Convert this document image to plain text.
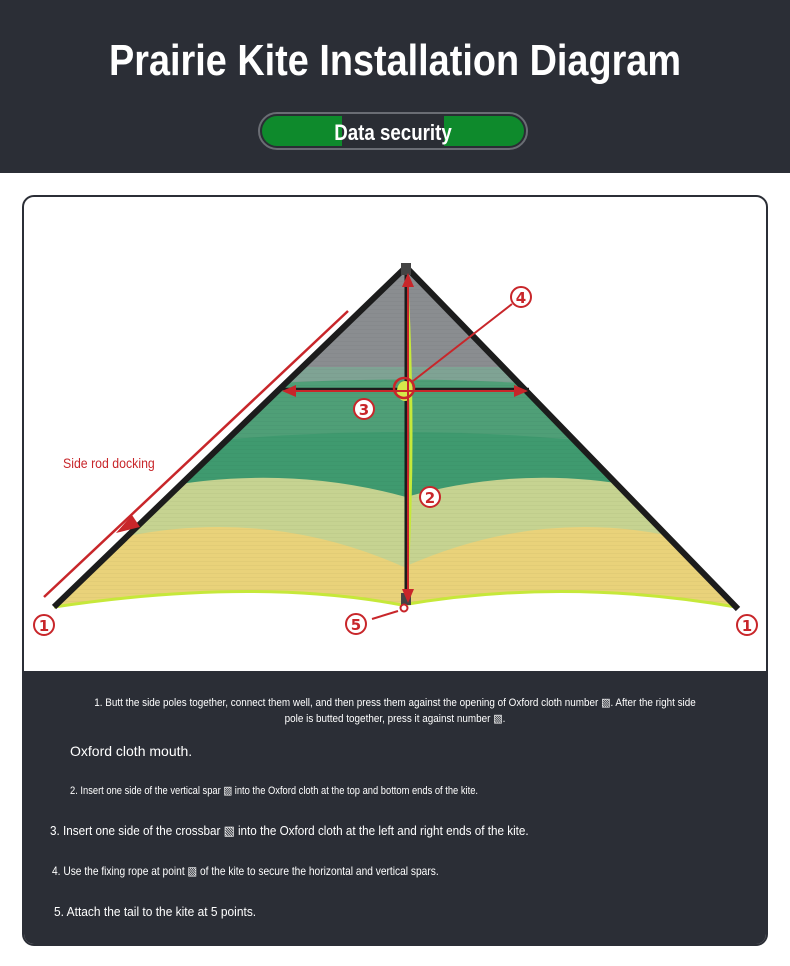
Prairie Kite Installation Diagram
Data security
1	1
2
3
4
5
Side rod docking
1. Butt the side poles together, connect them well, and then press them against the opening of Oxford cloth number ▧. After the right side pole is butted together, press it against number ▧.
Oxford cloth mouth.
2. Insert one side of the vertical spar ▧ into the Oxford cloth at the top and bottom ends of the kite.
3. Insert one side of the crossbar ▧ into the Oxford cloth at the left and right ends of the kite.
4. Use the fixing rope at point ▧ of the kite to secure the horizontal and vertical spars.
5. Attach the tail to the kite at 5 points.
